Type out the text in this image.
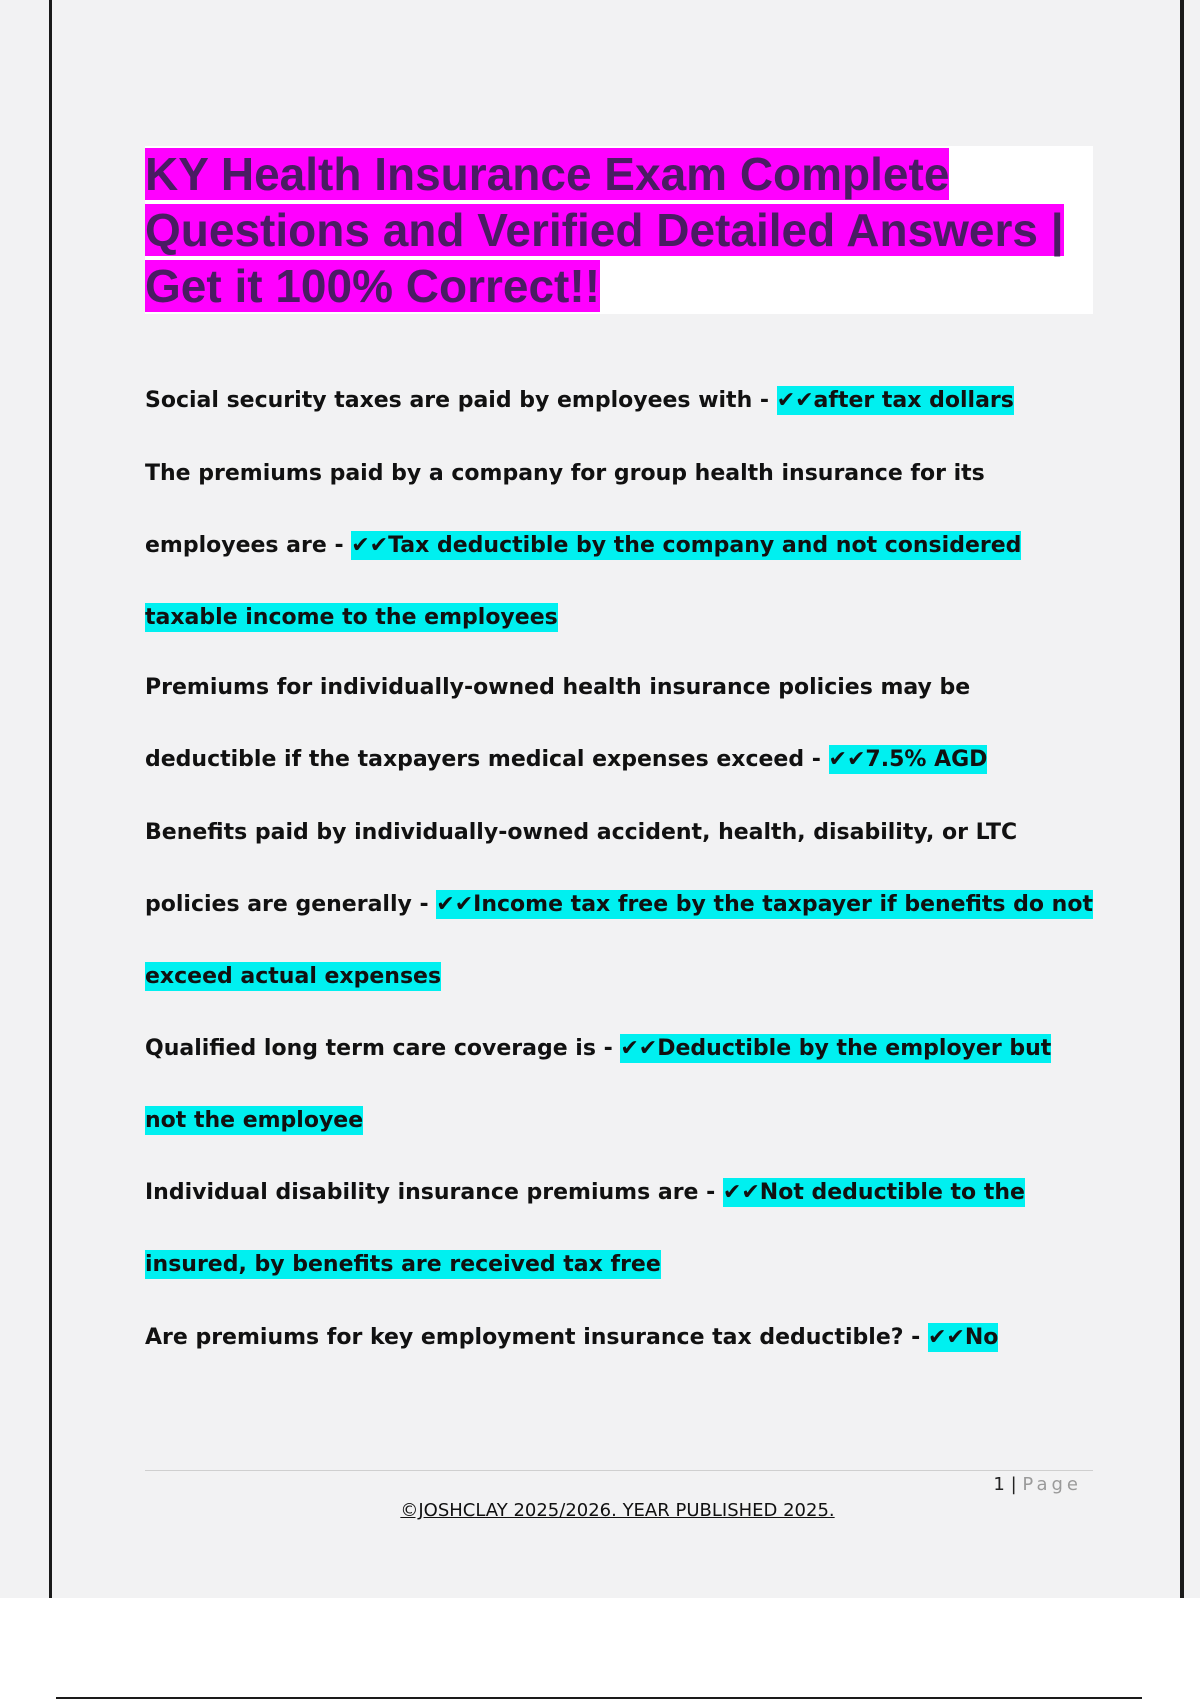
KY Health Insurance Exam Complete Questions and Verified Detailed Answers | Get it 100% Correct!!

Social security taxes are paid by employees with - ✔✔after tax dollars

The premiums paid by a company for group health insurance for its employees are - ✔✔Tax deductible by the company and not considered taxable income to the employees

Premiums for individually-owned health insurance policies may be deductible if the taxpayers medical expenses exceed - ✔✔7.5% AGD

Benefits paid by individually-owned accident, health, disability, or LTC policies are generally - ✔✔Income tax free by the taxpayer if benefits do not exceed actual expenses

Qualified long term care coverage is - ✔✔Deductible by the employer but not the employee

Individual disability insurance premiums are - ✔✔Not deductible to the insured, by benefits are received tax free

Are premiums for key employment insurance tax deductible? - ✔✔No

1 | Page
©JOSHCLAY 2025/2026. YEAR PUBLISHED 2025.
